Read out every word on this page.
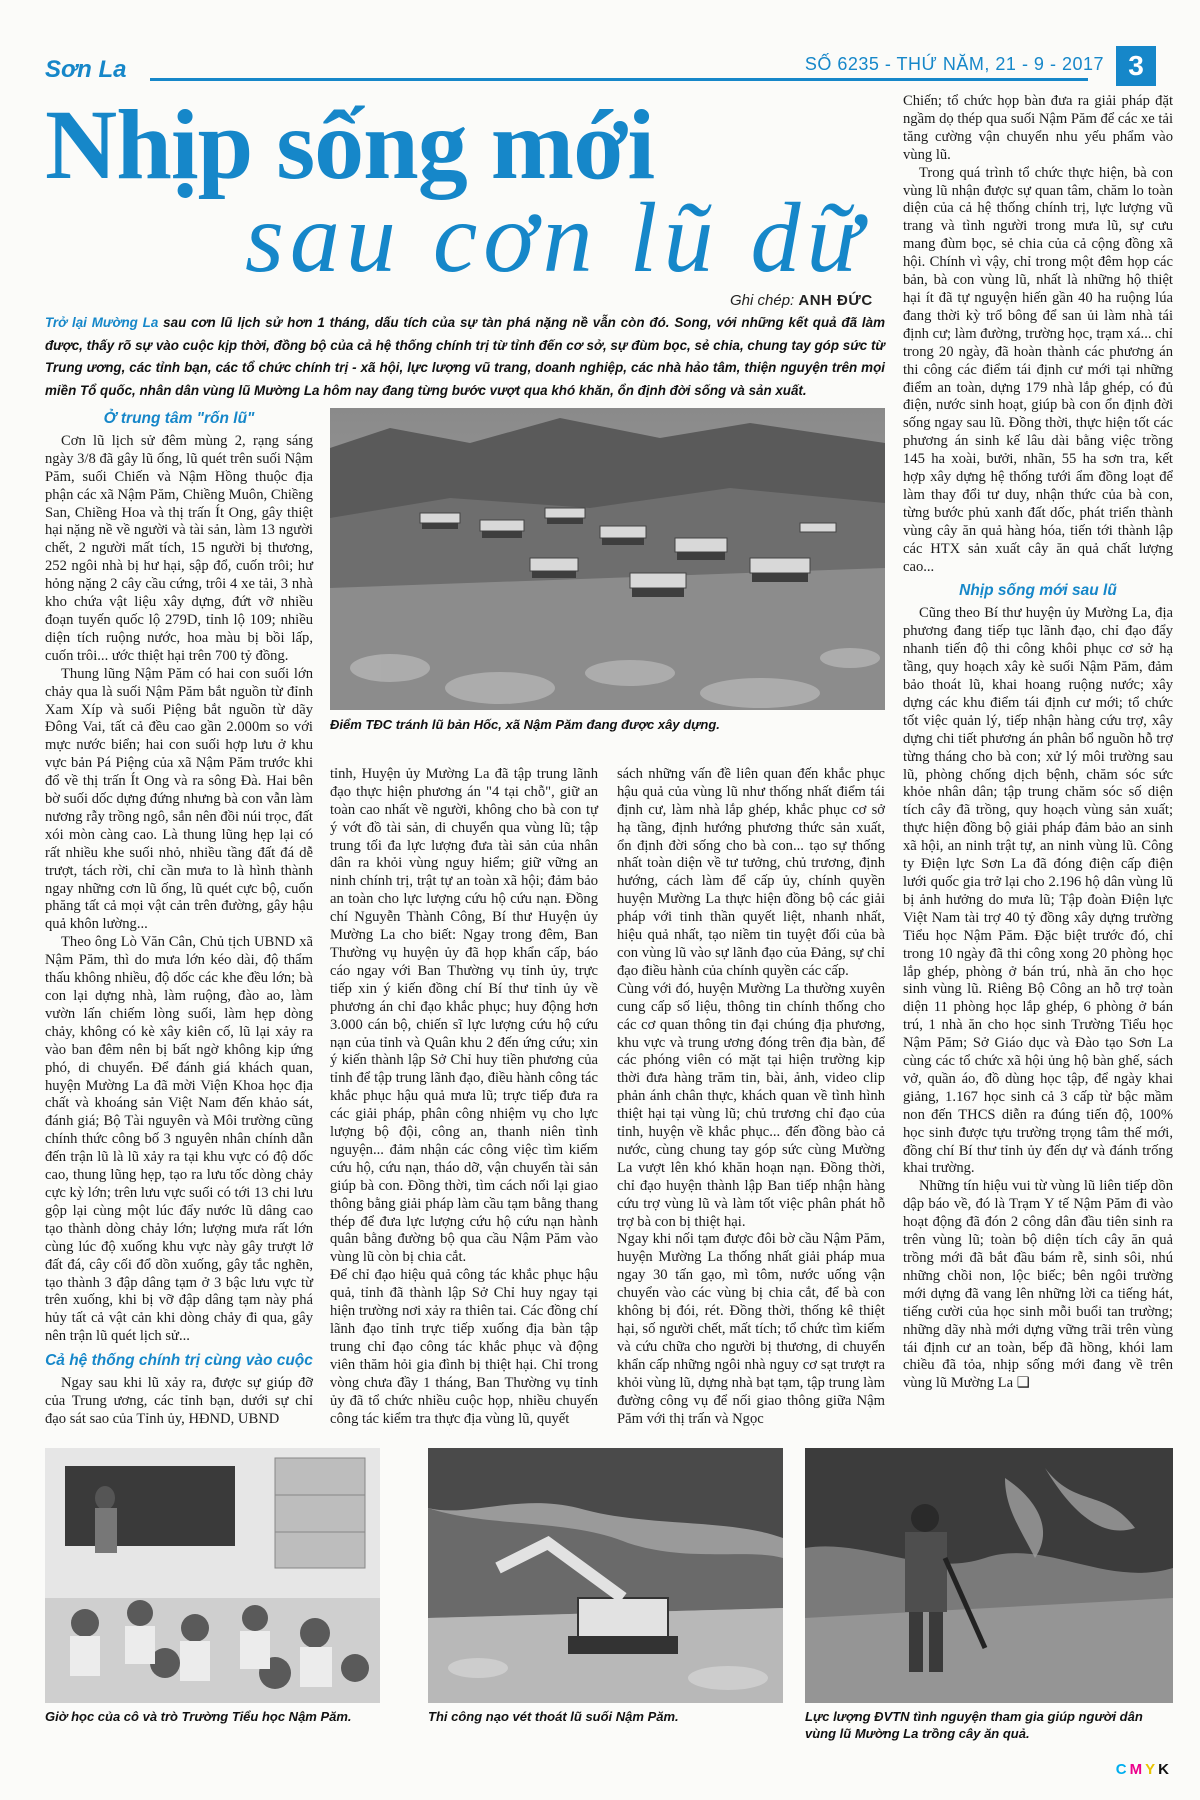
Sơn La	SỐ 6235 - THỨ NĂM, 21 - 9 - 2017 3
Nhịp sống mới
sau cơn lũ dữ
Ghi chép: ANH ĐỨC
Trở lại Mường La sau cơn lũ lịch sử hơn 1 tháng, dấu tích của sự tàn phá nặng nề vẫn còn đó. Song, với những kết quả đã làm được, thấy rõ sự vào cuộc kịp thời, đồng bộ của cả hệ thống chính trị từ tỉnh đến cơ sở, sự đùm bọc, sẻ chia, chung tay góp sức từ Trung ương, các tỉnh bạn, các tổ chức chính trị - xã hội, lực lượng vũ trang, doanh nghiệp, các nhà hảo tâm, thiện nguyện trên mọi miền Tổ quốc, nhân dân vùng lũ Mường La hôm nay đang từng bước vượt qua khó khăn, ổn định đời sống và sản xuất.
Ở trung tâm "rốn lũ"

Cơn lũ lịch sử đêm mùng 2, rạng sáng ngày 3/8 đã gây lũ ống, lũ quét trên suối Nậm Păm, suối Chiến và Nậm Hồng thuộc địa phận các xã Nậm Păm, Chiềng Muôn, Chiềng San, Chiềng Hoa và thị trấn Ít Ong, gây thiệt hại nặng nề về người và tài sản, làm 13 người chết, 2 người mất tích, 15 người bị thương, 252 ngôi nhà bị hư hại, sập đổ, cuốn trôi; hư hỏng nặng 2 cây cầu cứng, trôi 4 xe tải, 3 nhà kho chứa vật liệu xây dựng, đứt vỡ nhiều đoạn tuyến quốc lộ 279D, tỉnh lộ 109; nhiều diện tích ruộng nước, hoa màu bị bồi lấp, cuốn trôi... ước thiệt hại trên 700 tỷ đồng.

Thung lũng Nậm Păm có hai con suối lớn chảy qua là suối Nậm Păm bắt nguồn từ đỉnh Xam Xíp và suối Piệng bắt nguồn từ dãy Đông Vai, tất cả đều cao gần 2.000m so với mực nước biển; hai con suối hợp lưu ở khu vực bản Pá Piệng của xã Nậm Păm trước khi đổ về thị trấn Ít Ong và ra sông Đà. Hai bên bờ suối dốc dựng đứng nhưng bà con vẫn làm nương rẫy trồng ngô, sắn nên đồi núi trọc, đất xói mòn càng cao. Là thung lũng hẹp lại có rất nhiều khe suối nhỏ, nhiều tầng đất đá dễ trượt, tách rời, chỉ cần mưa to là hình thành ngay những cơn lũ ống, lũ quét cực bộ, cuốn phăng tất cả mọi vật cản trên đường, gây hậu quả khôn lường...

Theo ông Lò Văn Cân, Chủ tịch UBND xã Nậm Păm, thì do mưa lớn kéo dài, độ thẩm thấu không nhiều, độ dốc các khe đều lớn; bà con lại dựng nhà, làm ruộng, đào ao, làm vườn lấn chiếm lòng suối, làm hẹp dòng chảy, không có kè xây kiên cố, lũ lại xảy ra vào ban đêm nên bị bất ngờ không kịp ứng phó, di chuyển. Để đánh giá khách quan, huyện Mường La đã mời Viện Khoa học địa chất và khoáng sản Việt Nam đến khảo sát, đánh giá; Bộ Tài nguyên và Môi trường cũng chính thức công bố 3 nguyên nhân chính dẫn đến trận lũ là lũ xảy ra tại khu vực có độ dốc cao, thung lũng hẹp, tạo ra lưu tốc dòng chảy cực kỳ lớn; trên lưu vực suối có tới 13 chi lưu gộp lại cùng một lúc đẩy nước lũ dâng cao tạo thành dòng chảy lớn; lượng mưa rất lớn cùng lúc độ xuống khu vực này gây trượt lở đất đá, cây cối đổ dồn xuống, gây tắc nghẽn, tạo thành 3 đập dâng tạm ở 3 bậc lưu vực từ trên xuống, khi bị vỡ đập dâng tạm này phá hủy tất cả vật cản khi dòng chảy đi qua, gây nên trận lũ quét lịch sử...

Cả hệ thống chính trị cùng vào cuộc

Ngay sau khi lũ xảy ra, được sự giúp đỡ của Trung ương, các tỉnh bạn, dưới sự chỉ đạo sát sao của Tỉnh ủy, HĐND, UBND

Điểm TĐC tránh lũ bản Hốc, xã Nậm Păm đang được xây dựng.

tỉnh, Huyện ủy Mường La đã tập trung lãnh đạo thực hiện phương án "4 tại chỗ", giữ an toàn cao nhất về người, không cho bà con tự ý vớt đồ tài sản, di chuyển qua vùng lũ; tập trung tối đa lực lượng đưa tài sản của nhân dân ra khỏi vùng nguy hiểm; giữ vững an ninh chính trị, trật tự an toàn xã hội; đảm bảo an toàn cho lực lượng cứu hộ cứu nạn. Đồng chí Nguyễn Thành Công, Bí thư Huyện ủy Mường La cho biết: Ngay trong đêm, Ban Thường vụ huyện ủy đã họp khẩn cấp, báo cáo ngay với Ban Thường vụ tỉnh ủy, trực tiếp xin ý kiến đồng chí Bí thư tỉnh ủy về phương án chỉ đạo khắc phục; huy động hơn 3.000 cán bộ, chiến sĩ lực lượng cứu hộ cứu nạn của tỉnh và Quân khu 2 đến ứng cứu; xin ý kiến thành lập Sở Chỉ huy tiền phương của tỉnh để tập trung lãnh đạo, điều hành công tác khắc phục hậu quả mưa lũ; trực tiếp đưa ra các giải pháp, phân công nhiệm vụ cho lực lượng bộ đội, công an, thanh niên tình nguyện... đảm nhận các công việc tìm kiếm cứu hộ, cứu nạn, tháo dỡ, vận chuyển tài sản giúp bà con. Đồng thời, tìm cách nối lại giao thông bằng giải pháp làm cầu tạm bằng thang thép để đưa lực lượng cứu hộ cứu nạn hành quân bằng đường bộ qua cầu Nậm Păm vào vùng lũ còn bị chia cắt.
Để chỉ đạo hiệu quả công tác khắc phục hậu quả, tỉnh đã thành lập Sở Chỉ huy ngay tại hiện trường nơi xảy ra thiên tai. Các đồng chí lãnh đạo tỉnh trực tiếp xuống địa bàn tập trung chỉ đạo công tác khắc phục và động viên thăm hỏi gia đình bị thiệt hại. Chỉ trong vòng chưa đầy 1 tháng, Ban Thường vụ tỉnh ủy đã tổ chức nhiều cuộc họp, nhiều chuyến công tác kiểm tra thực địa vùng lũ, quyết

sách những vấn đề liên quan đến khắc phục hậu quả của vùng lũ như thống nhất điểm tái định cư, làm nhà lắp ghép, khắc phục cơ sở hạ tầng, định hướng phương thức sản xuất, ổn định đời sống cho bà con... tạo sự thống nhất toàn diện về tư tưởng, chủ trương, định hướng, cách làm để cấp ủy, chính quyền huyện Mường La thực hiện đồng bộ các giải pháp với tinh thần quyết liệt, nhanh nhất, hiệu quả nhất, tạo niềm tin tuyệt đối của bà con vùng lũ vào sự lãnh đạo của Đảng, sự chỉ đạo điều hành của chính quyền các cấp.
Cùng với đó, huyện Mường La thường xuyên cung cấp số liệu, thông tin chính thống cho các cơ quan thông tin đại chúng địa phương, khu vực và trung ương đóng trên địa bàn, để các phóng viên có mặt tại hiện trường kịp thời đưa hàng trăm tin, bài, ảnh, video clip phản ánh chân thực, khách quan về tình hình thiệt hại tại vùng lũ; chủ trương chỉ đạo của tỉnh, huyện về khắc phục... đến đồng bào cả nước, cùng chung tay góp sức cùng Mường La vượt lên khó khăn hoạn nạn. Đồng thời, chỉ đạo huyện thành lập Ban tiếp nhận hàng cứu trợ vùng lũ và làm tốt việc phân phát hỗ trợ bà con bị thiệt hại.
Ngay khi nối tạm được đôi bờ cầu Nậm Păm, huyện Mường La thống nhất giải pháp mua ngay 30 tấn gạo, mì tôm, nước uống vận chuyển vào các vùng bị chia cắt, để bà con không bị đói, rét. Đồng thời, thống kê thiệt hại, số người chết, mất tích; tổ chức tìm kiếm và cứu chữa cho người bị thương, di chuyển khẩn cấp những ngôi nhà nguy cơ sạt trượt ra khỏi vùng lũ, dựng nhà bạt tạm, tập trung làm đường công vụ để nối giao thông giữa Nậm Păm với thị trấn và Ngọc

Chiến; tổ chức họp bàn đưa ra giải pháp đặt ngầm dọ thép qua suối Nậm Păm để các xe tải tăng cường vận chuyển nhu yếu phẩm vào vùng lũ.

Trong quá trình tổ chức thực hiện, bà con vùng lũ nhận được sự quan tâm, chăm lo toàn diện của cả hệ thống chính trị, lực lượng vũ trang và tình người trong mưa lũ, sự cưu mang đùm bọc, sẻ chia của cả cộng đồng xã hội. Chính vì vậy, chỉ trong một đêm họp các bản, bà con vùng lũ, nhất là những hộ thiệt hại ít đã tự nguyện hiến gần 40 ha ruộng lúa đang thời kỳ trổ bông để san ủi làm nhà tái định cư; làm đường, trường học, trạm xá... chỉ trong 20 ngày, đã hoàn thành các phương án thi công các điểm tái định cư mới tại những điểm an toàn, dựng 179 nhà lắp ghép, có đủ điện, nước sinh hoạt, giúp bà con ổn định đời sống ngay sau lũ. Đồng thời, thực hiện tốt các phương án sinh kế lâu dài bằng việc trồng 145 ha xoài, bưởi, nhãn, 55 ha sơn tra, kết hợp xây dựng hệ thống tưới ẩm đồng loạt để làm thay đổi tư duy, nhận thức của bà con, từng bước phủ xanh đất dốc, phát triển thành vùng cây ăn quả hàng hóa, tiến tới thành lập các HTX sản xuất cây ăn quả chất lượng cao...

Nhịp sống mới sau lũ

Cũng theo Bí thư huyện ủy Mường La, địa phương đang tiếp tục lãnh đạo, chỉ đạo đẩy nhanh tiến độ thi công khôi phục cơ sở hạ tầng, quy hoạch xây kè suối Nậm Păm, đảm bảo thoát lũ, khai hoang ruộng nước; xây dựng các khu điểm tái định cư mới; tổ chức tốt việc quản lý, tiếp nhận hàng cứu trợ, xây dựng chi tiết phương án phân bổ nguồn hỗ trợ từng tháng cho bà con; xử lý môi trường sau lũ, phòng chống dịch bệnh, chăm sóc sức khỏe nhân dân; tập trung chăm sóc số diện tích cây đã trồng, quy hoạch vùng sản xuất; thực hiện đồng bộ giải pháp đảm bảo an sinh xã hội, an ninh trật tự, an ninh vùng lũ. Công ty Điện lực Sơn La đã đóng điện cấp điện lưới quốc gia trở lại cho 2.196 hộ dân vùng lũ bị ảnh hưởng do mưa lũ; Tập đoàn Điện lực Việt Nam tài trợ 40 tỷ đồng xây dựng trường Tiểu học Nậm Păm. Đặc biệt trước đó, chỉ trong 10 ngày đã thi công xong 20 phòng học lắp ghép, phòng ở bán trú, nhà ăn cho học sinh vùng lũ. Riêng Bộ Công an hỗ trợ toàn diện 11 phòng học lắp ghép, 6 phòng ở bán trú, 1 nhà ăn cho học sinh Trường Tiểu học Nậm Păm; Sở Giáo dục và Đào tạo Sơn La cùng các tổ chức xã hội ủng hộ bàn ghế, sách vở, quần áo, đồ dùng học tập, để ngày khai giảng, 1.167 học sinh cả 3 cấp từ bậc mầm non đến THCS diễn ra đúng tiến độ, 100% học sinh được tựu trường trọng tâm thế mới, đồng chí Bí thư tỉnh ủy đến dự và đánh trống khai trường.

Những tín hiệu vui từ vùng lũ liên tiếp dồn dập báo về, đó là Trạm Y tế Nậm Păm đi vào hoạt động đã đón 2 công dân đầu tiên sinh ra trên vùng lũ; toàn bộ diện tích cây ăn quả trồng mới đã bắt đầu bám rễ, sinh sôi, nhú những chồi non, lộc biếc; bên ngôi trường mới dựng đã vang lên những lời ca tiếng hát, tiếng cười của học sinh mỗi buổi tan trường; những dãy nhà mới dựng vững trãi trên vùng tái định cư an toàn, bếp đã hồng, khói lam chiều đã tỏa, nhịp sống mới đang về trên vùng lũ Mường La ❑

Giờ học của cô và trò Trường Tiểu học Nậm Păm.	Thi công nạo vét thoát lũ suối Nậm Păm.	Lực lượng ĐVTN tình nguyện tham gia giúp người dân vùng lũ Mường La trồng cây ăn quả.
CMYK
